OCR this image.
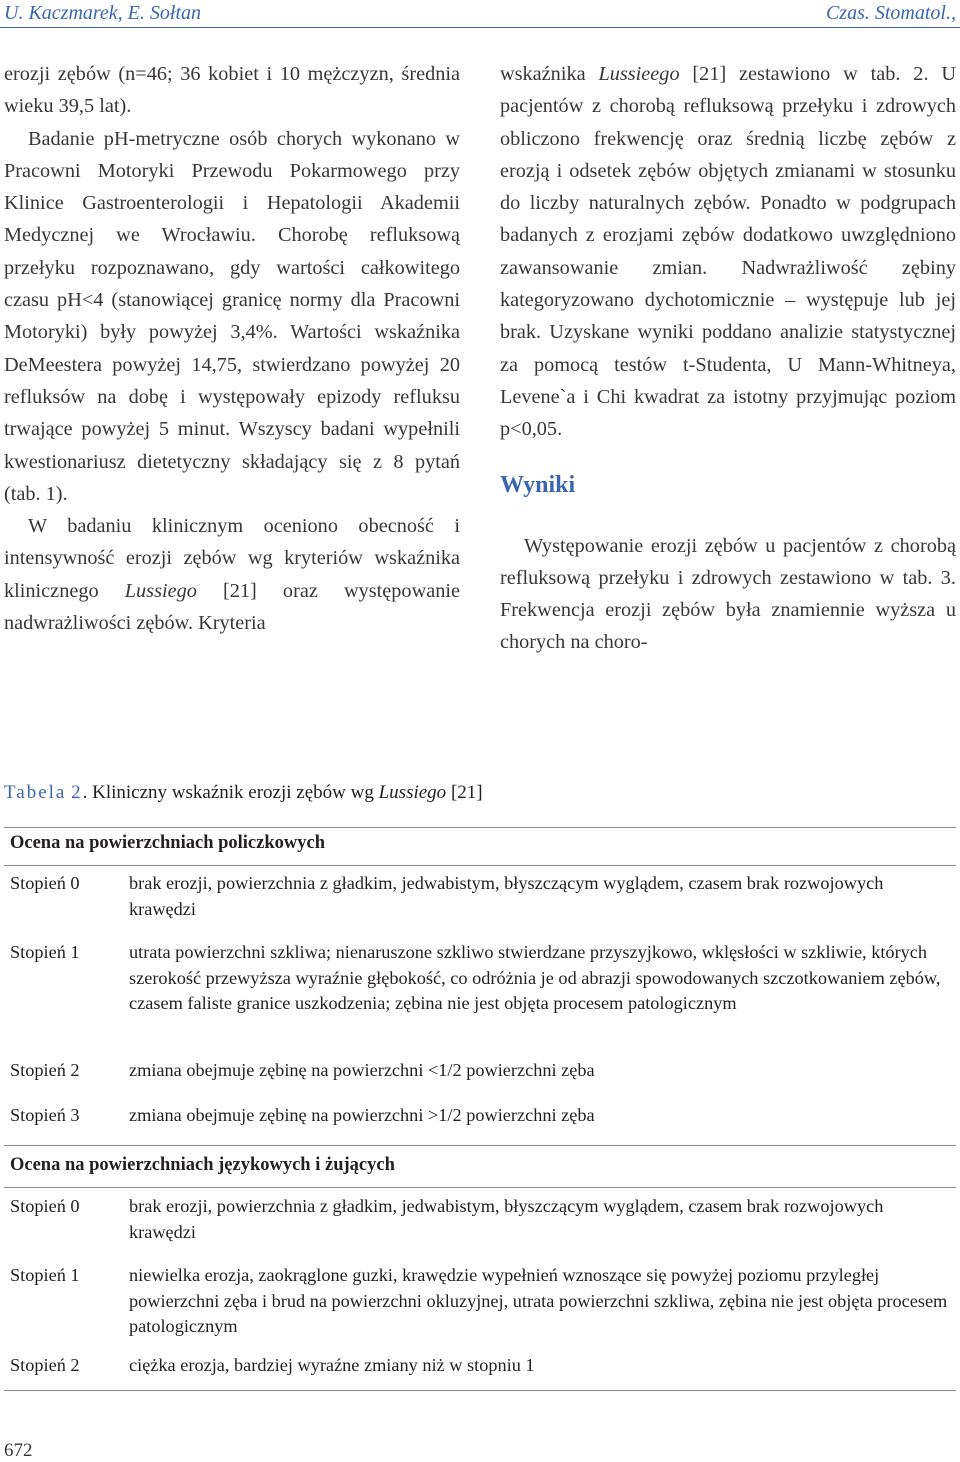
U. Kaczmarek, E. Sołtan	Czas. Stomatol.,

erozji zębów (n=46; 36 kobiet i 10 mężczyzn, średnia wieku 39,5 lat).

Badanie pH-metryczne osób chorych wykonano w Pracowni Motoryki Przewodu Pokarmowego przy Klinice Gastroenterologii i Hepatologii Akademii Medycznej we Wrocławiu. Chorobę refluksową przełyku rozpoznawano, gdy wartości całkowitego czasu pH<4 (stanowiącej granicę normy dla Pracowni Motoryki) były powyżej 3,4%. Wartości wskaźnika DeMeestera powyżej 14,75, stwierdzano powyżej 20 refluksów na dobę i występowały epizody refluksu trwające powyżej 5 minut. Wszyscy badani wypełnili kwestionariusz dietetyczny składający się z 8 pytań (tab. 1).

W badaniu klinicznym oceniono obecność i intensywność erozji zębów wg kryteriów wskaźnika klinicznego Lussiego [21] oraz występowanie nadwrażliwości zębów. Kryteria

wskaźnika Lussieego [21] zestawiono w tab. 2. U pacjentów z chorobą refluksową przełyku i zdrowych obliczono frekwencję oraz średnią liczbę zębów z erozją i odsetek zębów objętych zmianami w stosunku do liczby naturalnych zębów. Ponadto w podgrupach badanych z erozjami zębów dodatkowo uwzględniono zawansowanie zmian. Nadwrażliwość zębiny kategoryzowano dychotomicznie – występuje lub jej brak. Uzyskane wyniki poddano analizie statystycznej za pomocą testów t-Studenta, U Mann-Whitneya, Levene`a i Chi kwadrat za istotny przyjmując poziom p<0,05.

Wyniki

Występowanie erozji zębów u pacjentów z chorobą refluksową przełyku i zdrowych zestawiono w tab. 3. Frekwencja erozji zębów była znamiennie wyższa u chorych na choro-

Tabela 2. Kliniczny wskaźnik erozji zębów wg Lussiego [21]
Ocena na powierzchniach policzkowych
Stopień 0	brak erozji, powierzchnia z gładkim, jedwabistym, błyszczącym wyglądem, czasem brak rozwojowych krawędzi
Stopień 1	utrata powierzchni szkliwa; nienaruszone szkliwo stwierdzane przyszyjkowo, wklęsłości w szkliwie, których szerokość przewyższa wyraźnie głębokość, co odróżnia je od abrazji spowodowanych szczotkowaniem zębów, czasem faliste granice uszkodzenia; zębina nie jest objęta procesem patologicznym
Stopień 2	zmiana obejmuje zębinę na powierzchni <1/2 powierzchni zęba
Stopień 3	zmiana obejmuje zębinę na powierzchni >1/2 powierzchni zęba
Ocena na powierzchniach językowych i żujących
Stopień 0	brak erozji, powierzchnia z gładkim, jedwabistym, błyszczącym wyglądem, czasem brak rozwojowych krawędzi
Stopień 1	niewielka erozja, zaokrąglone guzki, krawędzie wypełnień wznoszące się powyżej poziomu przyległej powierzchni zęba i brud na powierzchni okluzyjnej, utrata powierzchni szkliwa, zębina nie jest objęta procesem patologicznym
Stopień 2	ciężka erozja, bardziej wyraźne zmiany niż w stopniu 1
672
